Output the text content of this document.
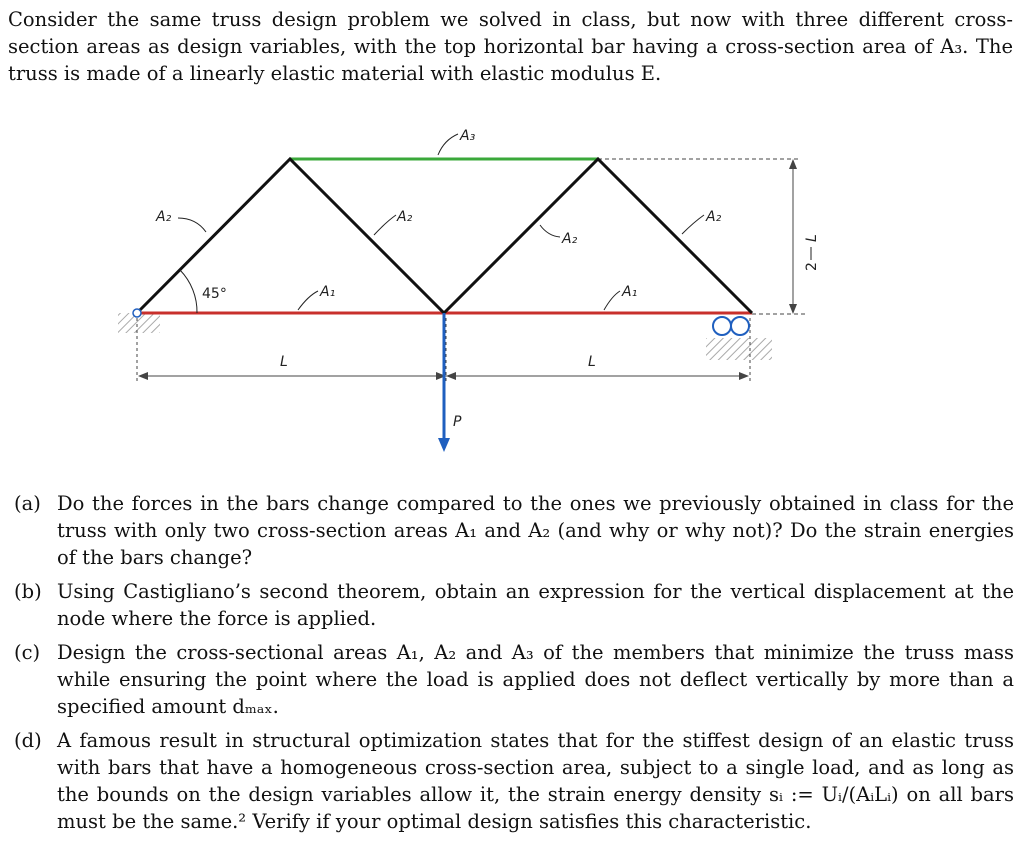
Consider the same truss design problem we solved in class, but now with three different cross-section areas as design variables, with the top horizontal bar having a cross-section area of A₃. The truss is made of a linearly elastic material with elastic modulus E.
A₃
A₂	A₂
A₂
A₂
A₁	A₁
45°
L	L
P
L
2
(a) Do the forces in the bars change compared to the ones we previously obtained in class for the truss with only two cross-section areas A₁ and A₂ (and why or why not)? Do the strain energies of the bars change?
(b) Using Castigliano’s second theorem, obtain an expression for the vertical displacement at the node where the force is applied.
(c) Design the cross-sectional areas A₁, A₂ and A₃ of the members that minimize the truss mass while ensuring the point where the load is applied does not deflect vertically by more than a specified amount dₘₐₓ.
(d) A famous result in structural optimization states that for the stiffest design of an elastic truss with bars that have a homogeneous cross-section area, subject to a single load, and as long as the bounds on the design variables allow it, the strain energy density sᵢ := Uᵢ/(AᵢLᵢ) on all bars must be the same.² Verify if your optimal design satisfies this characteristic.
